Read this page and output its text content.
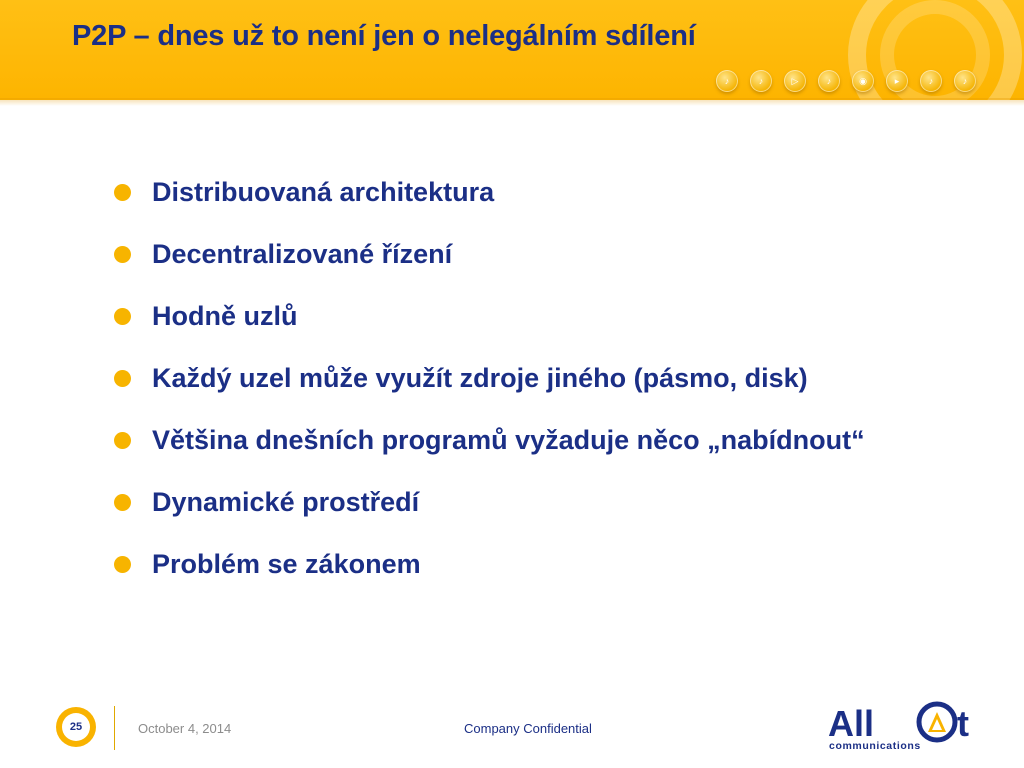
P2P – dnes už to není jen o nelegálním sdílení
♪	♪	▷	♪	◉	▸	♪	♪
Distribuovaná architektura
Decentralizované řízení
Hodně uzlů
Každý uzel může využít zdroje jiného (pásmo, disk)
Většina dnešních programů vyžaduje něco „nabídnout“
Dynamické prostředí
Problém se zákonem
25	October 4, 2014	Company Confidential	All t
communications
